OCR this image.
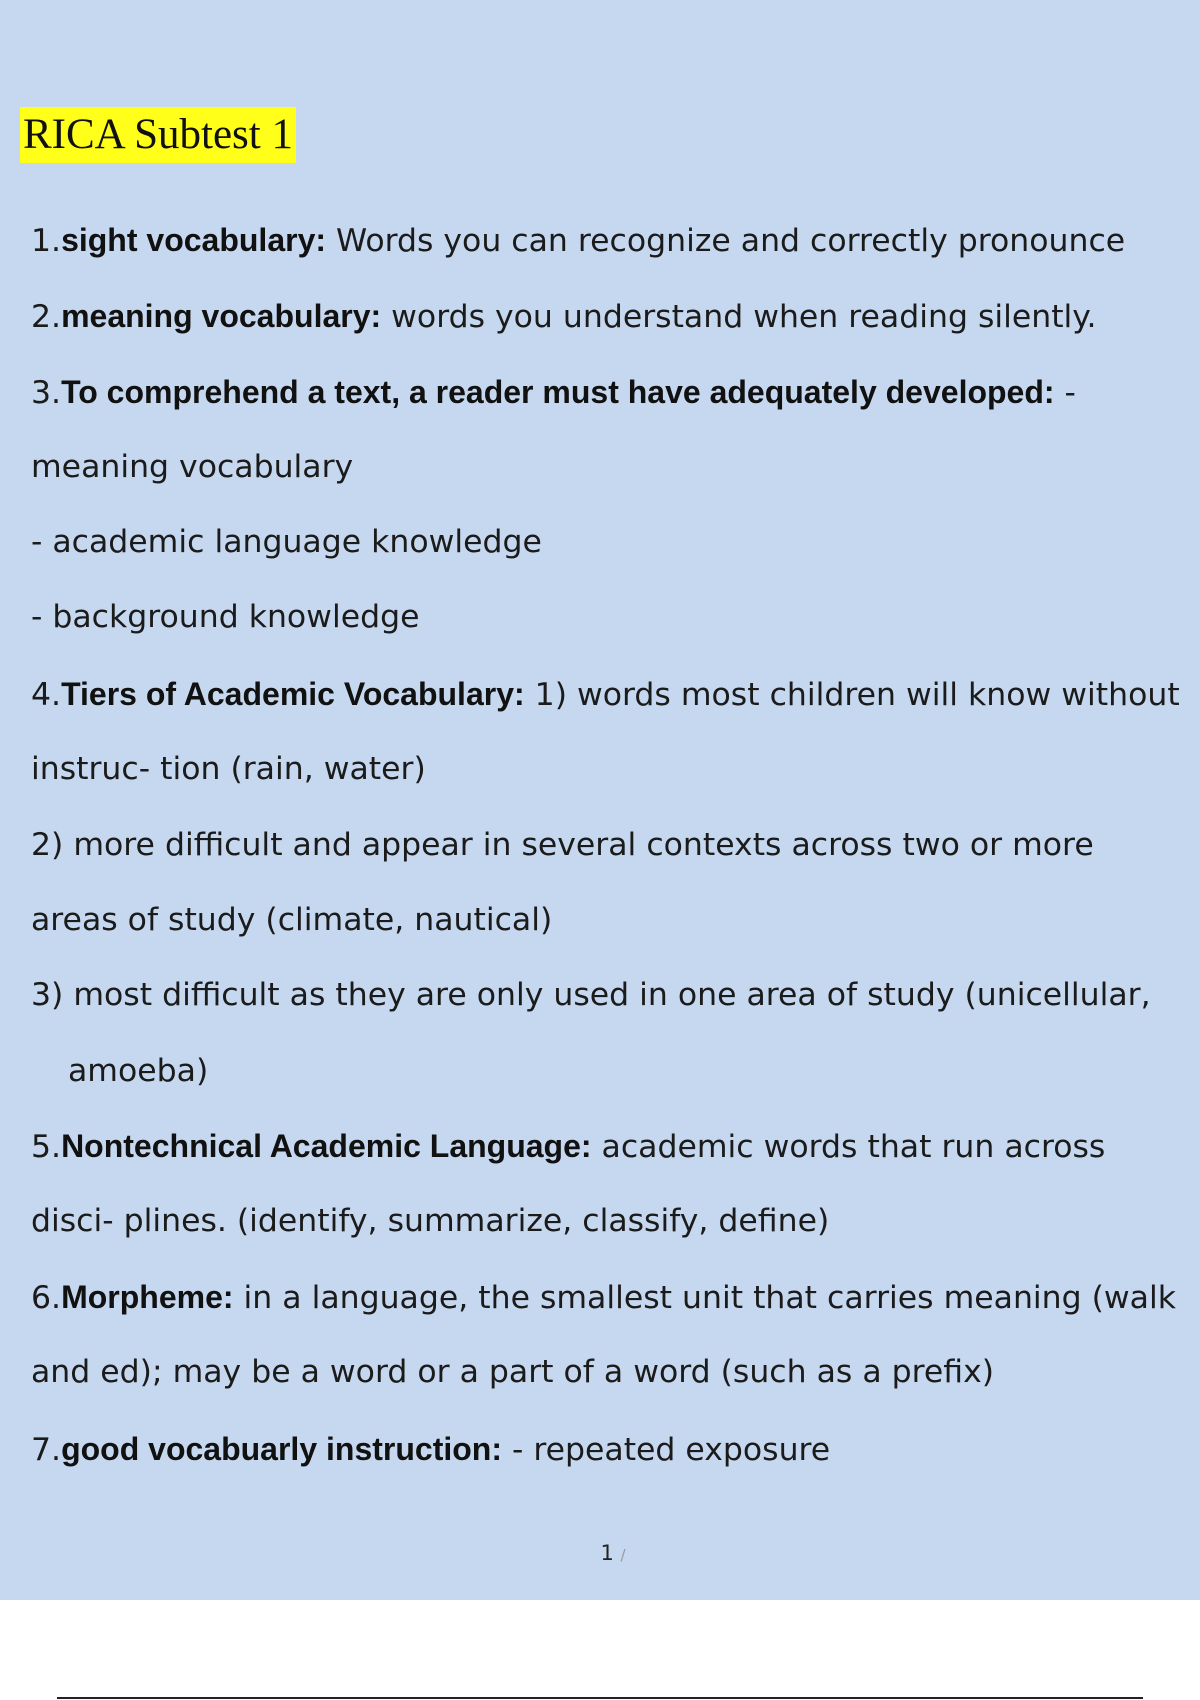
RICA Subtest 1
1.sight vocabulary: Words you can recognize and correctly pronounce
2.meaning vocabulary: words you understand when reading silently.
3.To comprehend a text, a reader must have adequately developed: -
meaning vocabulary
- academic language knowledge
- background knowledge
4.Tiers of Academic Vocabulary: 1) words most children will know without
instruc- tion (rain, water)
2) more difficult and appear in several contexts across two or more
areas of study (climate, nautical)
3) most difficult as they are only used in one area of study (unicellular,
amoeba)
5.Nontechnical Academic Language: academic words that run across
disci- plines. (identify, summarize, classify, define)
6.Morpheme: in a language, the smallest unit that carries meaning (walk
and ed); may be a word or a part of a word (such as a prefix)
7.good vocabuarly instruction: - repeated exposure
1 /
